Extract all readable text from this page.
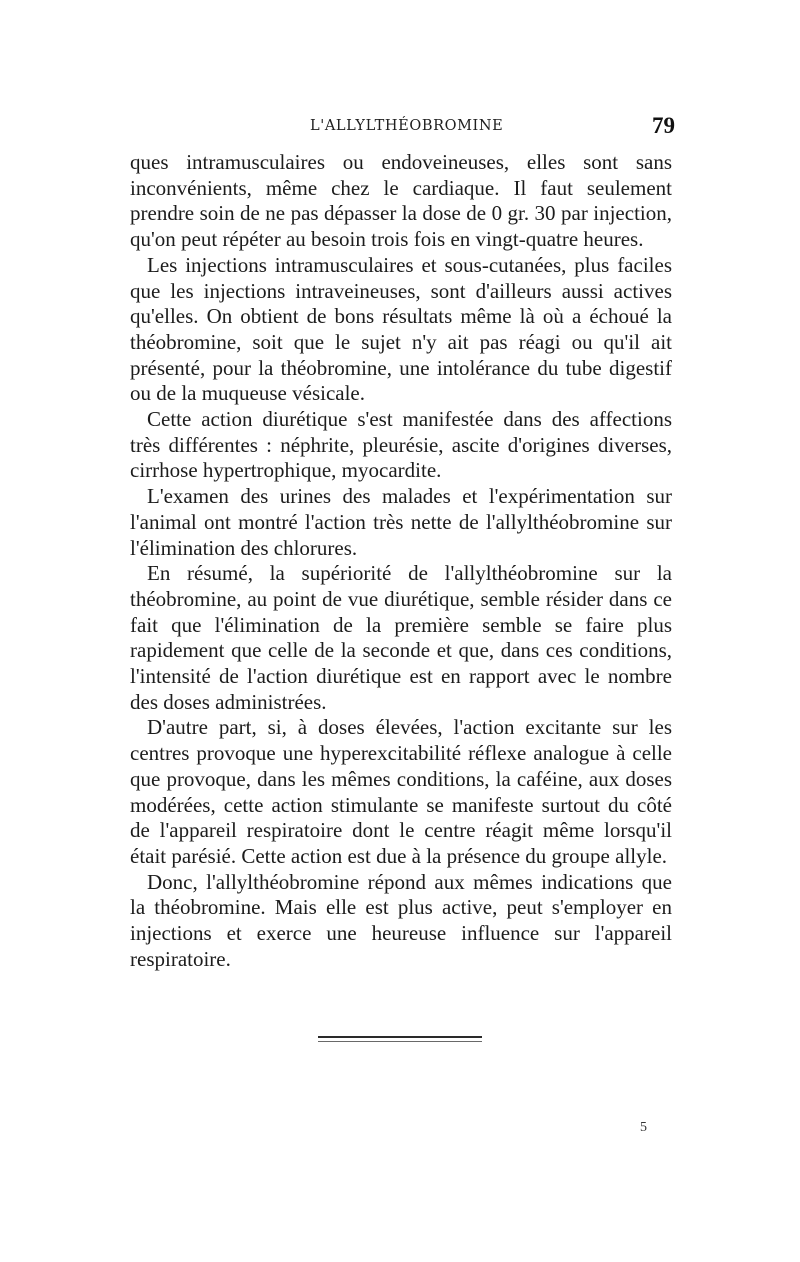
L'ALLYLTHÉOBROMINE	79

ques intramusculaires ou endoveineuses, elles sont sans inconvénients, même chez le cardiaque. Il faut seulement prendre soin de ne pas dépasser la dose de 0 gr. 30 par injection, qu'on peut répéter au besoin trois fois en vingt-quatre heures.

Les injections intramusculaires et sous-cutanées, plus faciles que les injections intraveineuses, sont d'ailleurs aussi actives qu'elles. On obtient de bons résultats même là où a échoué la théobromine, soit que le sujet n'y ait pas réagi ou qu'il ait présenté, pour la théobromine, une intolérance du tube digestif ou de la muqueuse vésicale.

Cette action diurétique s'est manifestée dans des affections très différentes : néphrite, pleurésie, ascite d'origines diverses, cirrhose hypertrophique, myocardite.

L'examen des urines des malades et l'expérimentation sur l'animal ont montré l'action très nette de l'allylthéobromine sur l'élimination des chlorures.

En résumé, la supériorité de l'allylthéobromine sur la théobromine, au point de vue diurétique, semble résider dans ce fait que l'élimination de la première semble se faire plus rapidement que celle de la seconde et que, dans ces conditions, l'intensité de l'action diurétique est en rapport avec le nombre des doses administrées.

D'autre part, si, à doses élevées, l'action excitante sur les centres provoque une hyperexcitabilité réflexe analogue à celle que provoque, dans les mêmes conditions, la caféine, aux doses modérées, cette action stimulante se manifeste surtout du côté de l'appareil respiratoire dont le centre réagit même lorsqu'il était parésié. Cette action est due à la présence du groupe allyle.

Donc, l'allylthéobromine répond aux mêmes indications que la théobromine. Mais elle est plus active, peut s'employer en injections et exerce une heureuse influence sur l'appareil respiratoire.

5
